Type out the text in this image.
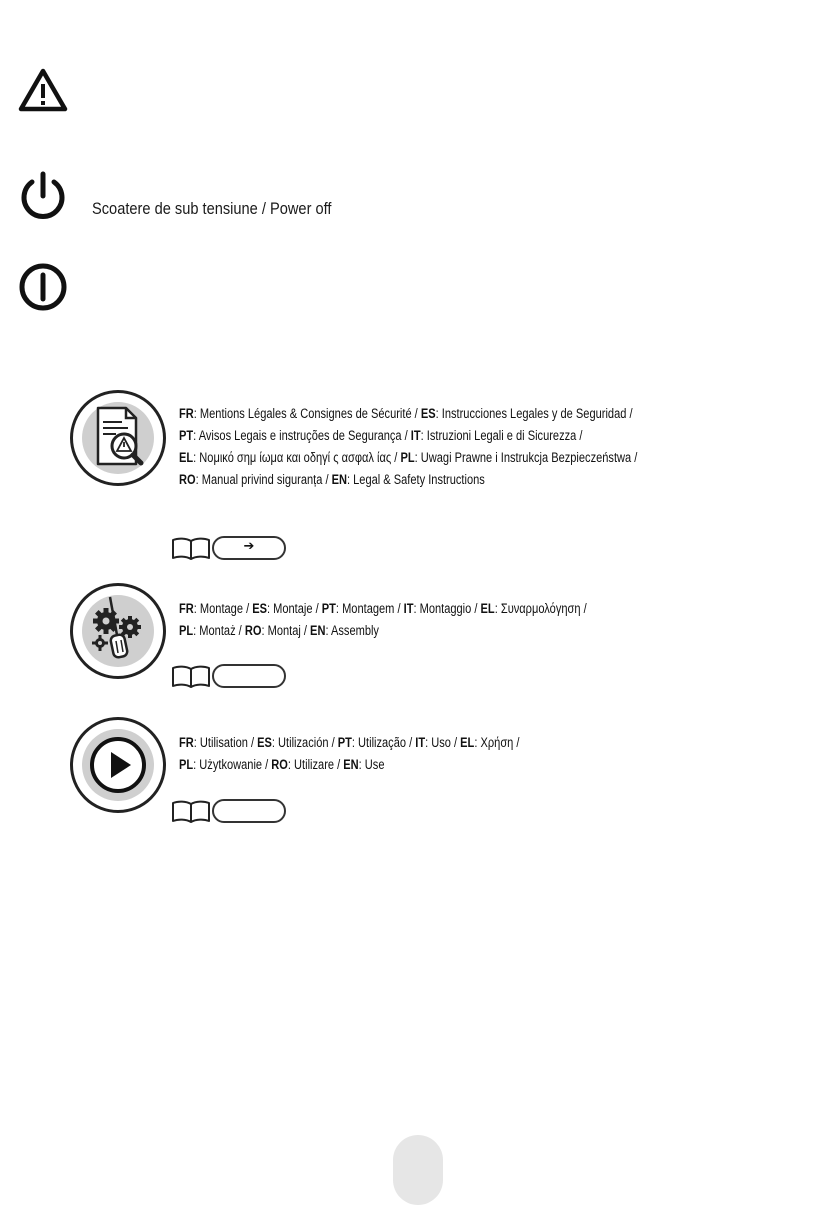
Scoatere de sub tensiune / Power off
FR: Mentions Légales & Consignes de Sécurité / ES: Instrucciones Legales y de Seguridad /
PT: Avisos Legais e instruções de Segurança / IT: Istruzioni Legali e di Sicurezza /
EL: Νομικό σημ ίωμα και οδηγί ς ασφαλ ίας / PL: Uwagi Prawne i Instrukcja Bezpieczeństwa /
RO: Manual privind siguranța / EN: Legal & Safety Instructions
➔
FR: Montage / ES: Montaje / PT: Montagem / IT: Montaggio / EL: Συναρμολόγηση /
PL: Montaż / RO: Montaj / EN: Assembly
FR: Utilisation / ES: Utilización / PT: Utilização / IT: Uso / EL: Χρήση /
PL: Użytkowanie / RO: Utilizare / EN: Use
